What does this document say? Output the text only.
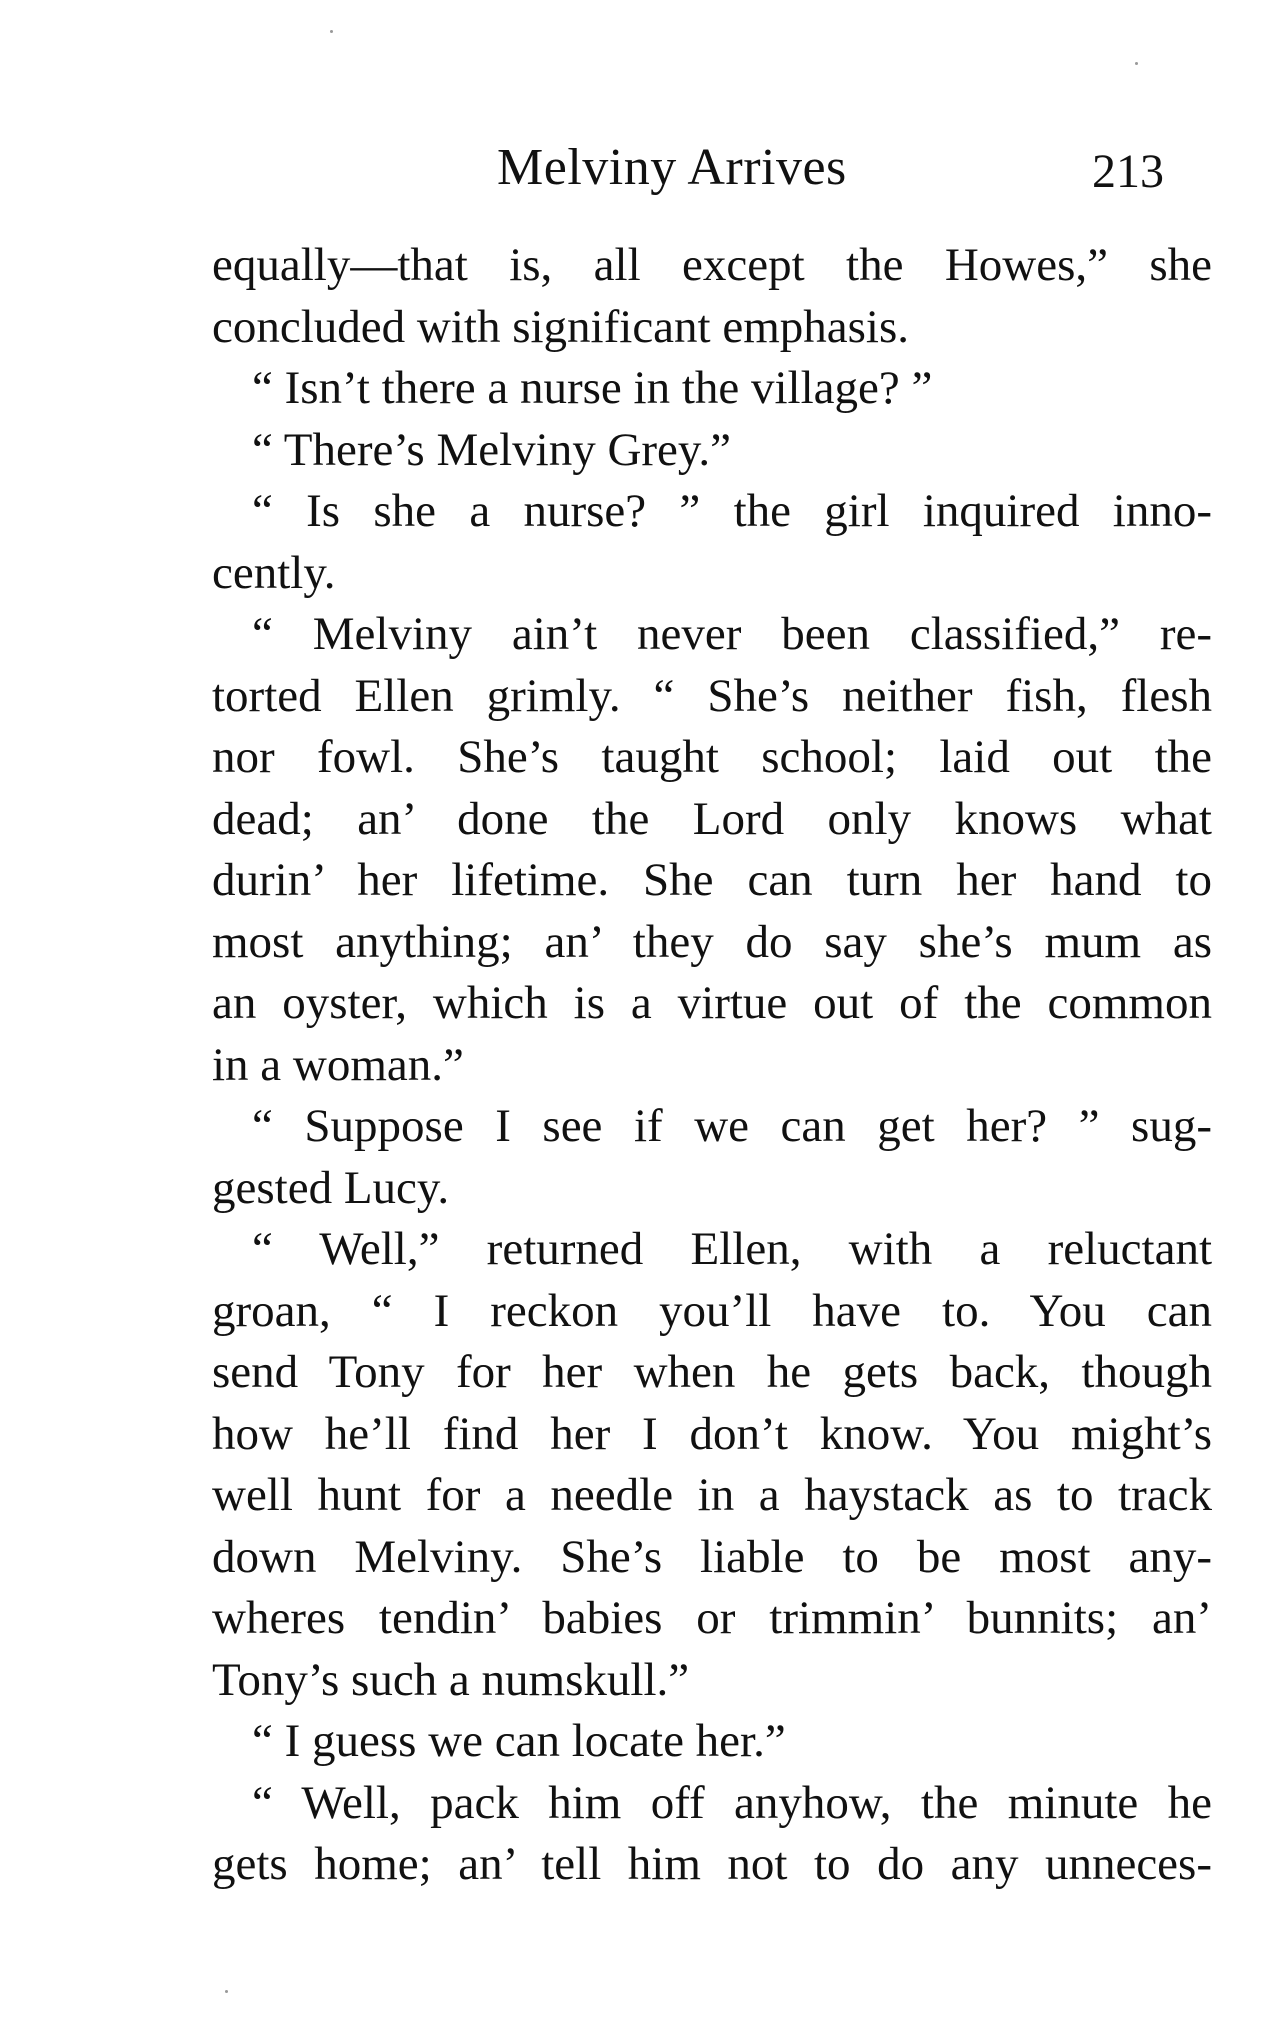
Melviny Arrives	213
equally—that is, all except the Howes,” she
concluded with significant emphasis.
“ Isn’t there a nurse in the village? ”
“ There’s Melviny Grey.”
“ Is she a nurse? ” the girl inquired inno-
cently.
“ Melviny ain’t never been classified,” re-
torted Ellen grimly. “ She’s neither fish, flesh
nor fowl. She’s taught school; laid out the
dead; an’ done the Lord only knows what
durin’ her lifetime. She can turn her hand to
most anything; an’ they do say she’s mum as
an oyster, which is a virtue out of the common
in a woman.”
“ Suppose I see if we can get her? ” sug-
gested Lucy.
“ Well,” returned Ellen, with a reluctant
groan, “ I reckon you’ll have to. You can
send Tony for her when he gets back, though
how he’ll find her I don’t know. You might’s
well hunt for a needle in a haystack as to track
down Melviny. She’s liable to be most any-
wheres tendin’ babies or trimmin’ bunnits; an’
Tony’s such a numskull.”
“ I guess we can locate her.”
“ Well, pack him off anyhow, the minute he
gets home; an’ tell him not to do any unneces-
